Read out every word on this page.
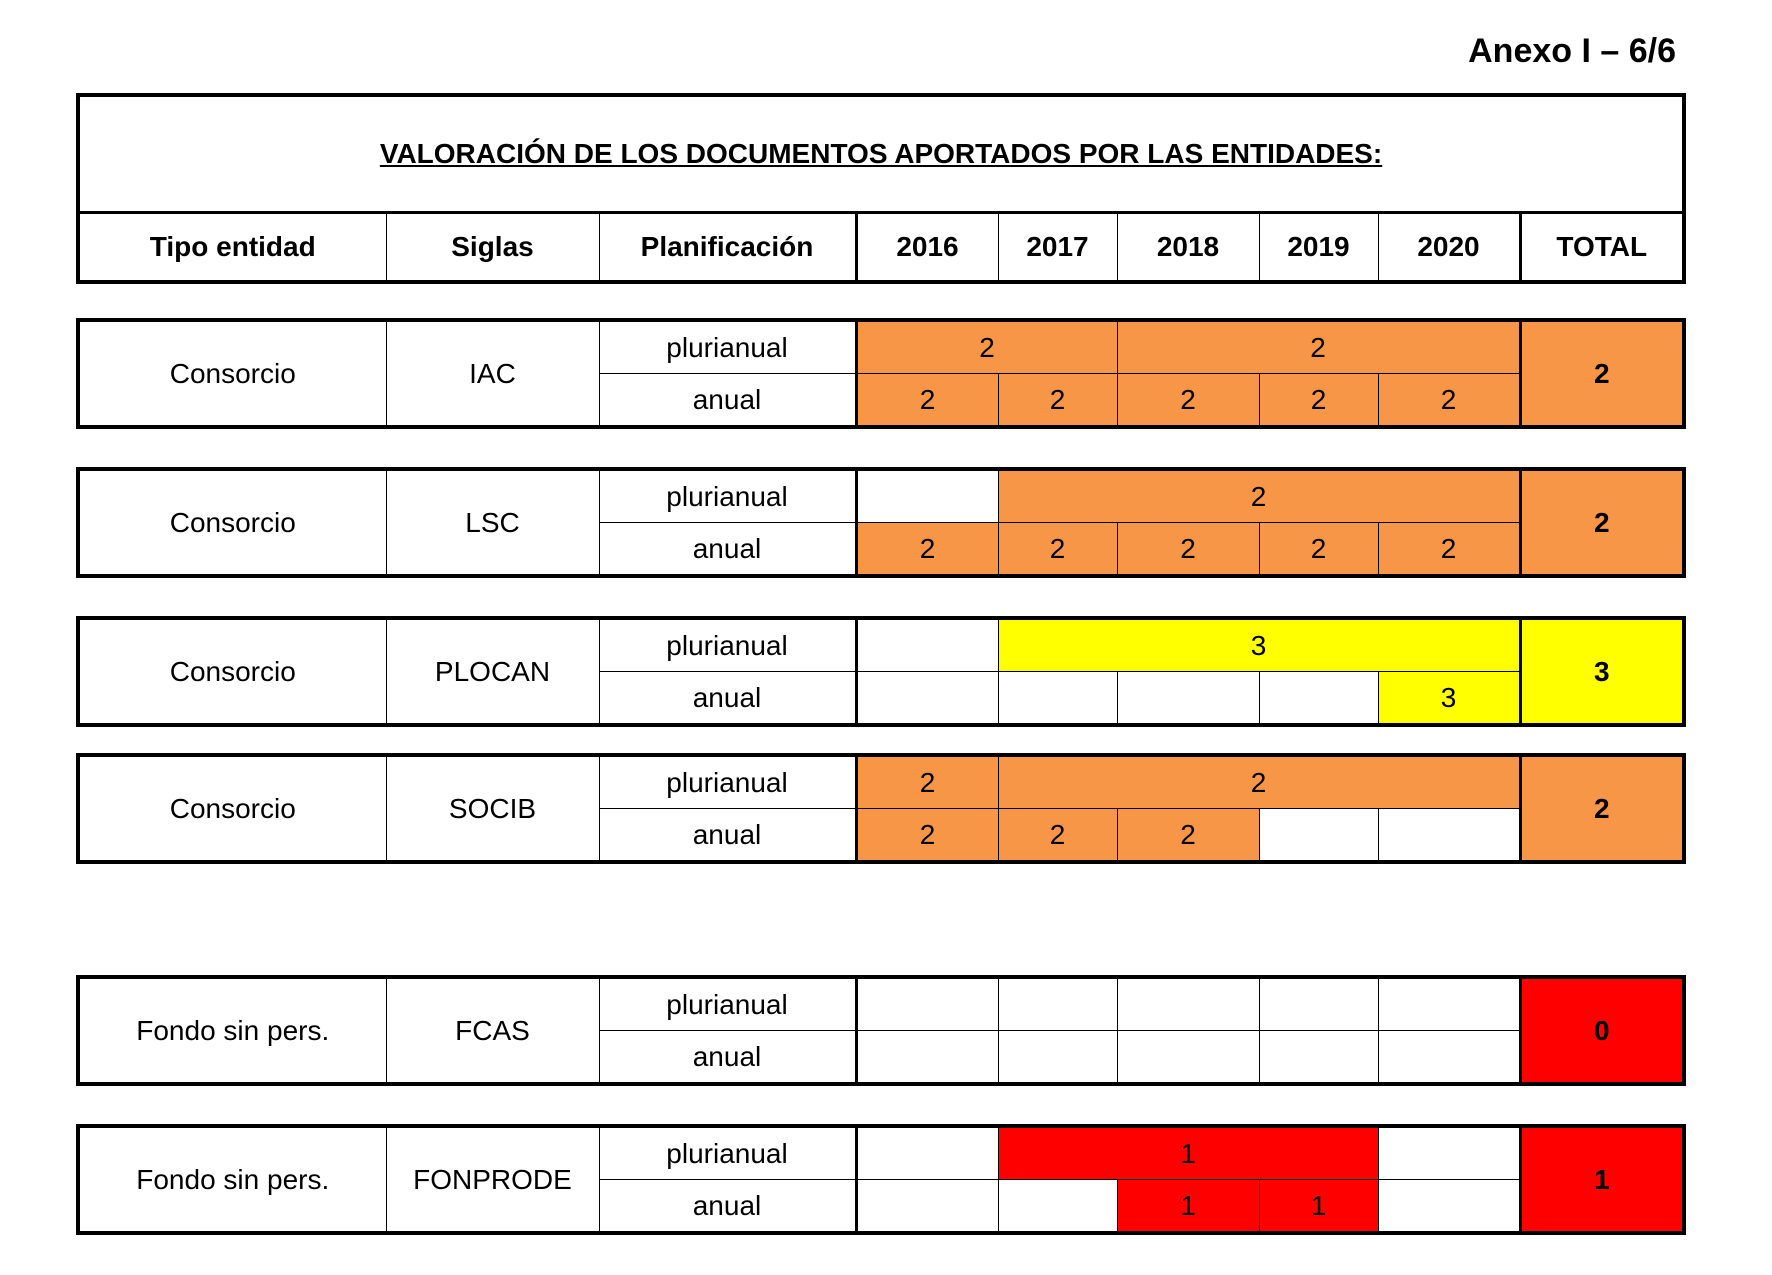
Anexo I – 6/6
VALORACIÓN DE LOS DOCUMENTOS APORTADOS POR LAS ENTIDADES:
Tipo entidad	Siglas	Planificación	2016	2017	2018	2019	2020	TOTAL
Consorcio	IAC	plurianual	2		2			2
		anual	2	2	2	2	2	
Consorcio	LSC	plurianual		2				2
		anual	2	2	2	2	2	
Consorcio	PLOCAN	plurianual		3				3
		anual					3	
Consorcio	SOCIB	plurianual	2	2				2
		anual	2	2	2			
Fondo sin pers.	FCAS	plurianual						0
		anual						
Fondo sin pers.	FONPRODE	plurianual		1				1
		anual			1	1		
